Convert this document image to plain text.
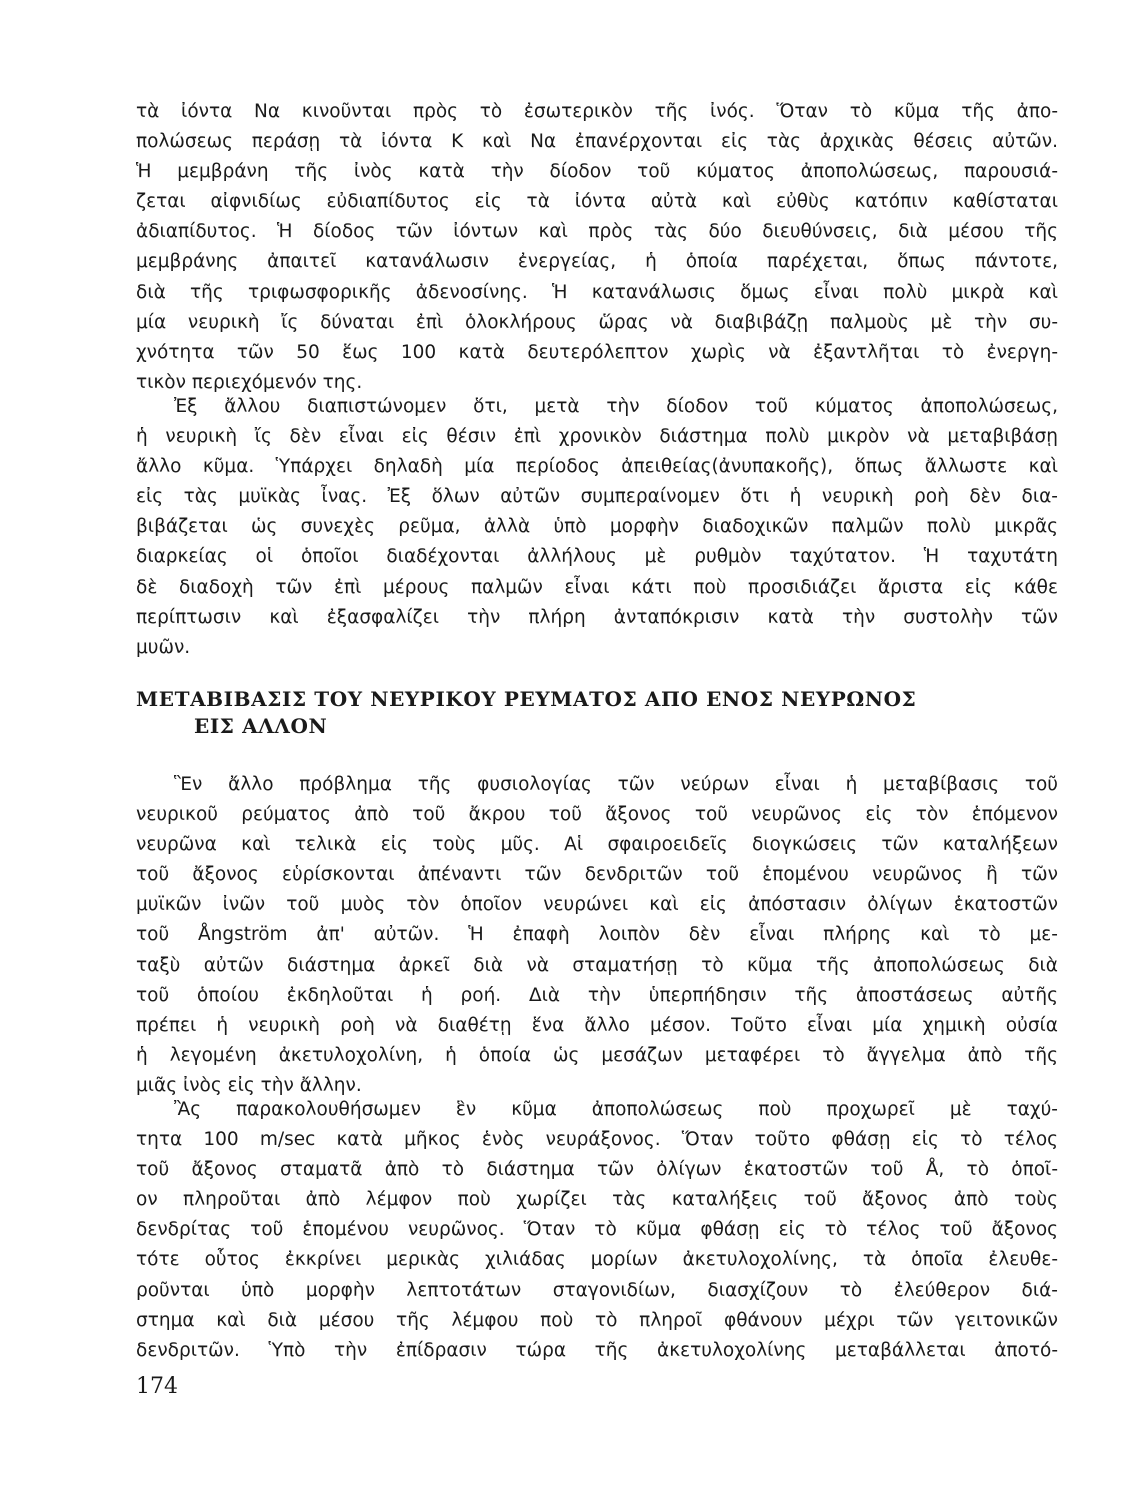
τὰ ἰόντα Να κινοῦνται πρὸς τὸ ἐσωτερικὸν τῆς ἰνός. Ὅταν τὸ κῦμα τῆς ἀπο-
πολώσεως περάσῃ τὰ ἰόντα Κ καὶ Να ἐπανέρχονται εἰς τὰς ἀρχικὰς θέσεις αὐτῶν.
Ἡ μεμβράνη τῆς ἰνὸς κατὰ τὴν δίοδον τοῦ κύματος ἀποπολώσεως, παρουσιά-
ζεται αἰφνιδίως εὐδιαπίδυτος εἰς τὰ ἰόντα αὐτὰ καὶ εὐθὺς κατόπιν καθίσταται
ἀδιαπίδυτος. Ἡ δίοδος τῶν ἰόντων καὶ πρὸς τὰς δύο διευθύνσεις, διὰ μέσου τῆς
μεμβράνης ἀπαιτεῖ κατανάλωσιν ἐνεργείας, ἡ ὁποία παρέχεται, ὅπως πάντοτε,
διὰ τῆς τριφωσφορικῆς ἀδενοσίνης. Ἡ κατανάλωσις ὅμως εἶναι πολὺ μικρὰ καὶ
μία νευρικὴ ἴς δύναται ἐπὶ ὁλοκλήρους ὥρας νὰ διαβιβάζῃ παλμοὺς μὲ τὴν συ-
χνότητα τῶν 50 ἕως 100 κατὰ δευτερόλεπτον χωρὶς νὰ ἐξαντλῆται τὸ ἐνεργη-
τικὸν περιεχόμενόν της.
Ἐξ ἄλλου διαπιστώνομεν ὅτι, μετὰ τὴν δίοδον τοῦ κύματος ἀποπολώσεως,
ἡ νευρικὴ ἴς δὲν εἶναι εἰς θέσιν ἐπὶ χρονικὸν διάστημα πολὺ μικρὸν νὰ μεταβιβάσῃ
ἄλλο κῦμα. Ὑπάρχει δηλαδὴ μία περίοδος ἀπειθείας(ἀνυπακοῆς), ὅπως ἄλλωστε καὶ
εἰς τὰς μυϊκὰς ἶνας. Ἐξ ὅλων αὐτῶν συμπεραίνομεν ὅτι ἡ νευρικὴ ροὴ δὲν δια-
βιβάζεται ὡς συνεχὲς ρεῦμα, ἀλλὰ ὑπὸ μορφὴν διαδοχικῶν παλμῶν πολὺ μικρᾶς
διαρκείας οἱ ὁποῖοι διαδέχονται ἀλλήλους μὲ ρυθμὸν ταχύτατον. Ἡ ταχυτάτη
δὲ διαδοχὴ τῶν ἐπὶ μέρους παλμῶν εἶναι κάτι ποὺ προσιδιάζει ἄριστα εἰς κάθε
περίπτωσιν καὶ ἐξασφαλίζει τὴν πλήρη ἀνταπόκρισιν κατὰ τὴν συστολὴν τῶν
μυῶν.
ΜΕΤΑΒΙΒΑΣΙΣ ΤΟΥ ΝΕΥΡΙΚΟΥ ΡΕΥΜΑΤΟΣ ΑΠΟ ΕΝΟΣ ΝΕΥΡΩΝΟΣ
ΕΙΣ ΑΛΛΟΝ
Ἓν ἄλλο πρόβλημα τῆς φυσιολογίας τῶν νεύρων εἶναι ἡ μεταβίβασις τοῦ
νευρικοῦ ρεύματος ἀπὸ τοῦ ἄκρου τοῦ ἄξονος τοῦ νευρῶνος εἰς τὸν ἑπόμενον
νευρῶνα καὶ τελικὰ εἰς τοὺς μῦς. Αἱ σφαιροειδεῖς διογκώσεις τῶν καταλήξεων
τοῦ ἄξονος εὑρίσκονται ἀπέναντι τῶν δενδριτῶν τοῦ ἑπομένου νευρῶνος ἢ τῶν
μυϊκῶν ἰνῶν τοῦ μυὸς τὸν ὁποῖον νευρώνει καὶ εἰς ἀπόστασιν ὀλίγων ἑκατοστῶν
τοῦ Ångström ἀπ' αὐτῶν. Ἡ ἐπαφὴ λοιπὸν δὲν εἶναι πλήρης καὶ τὸ με-
ταξὺ αὐτῶν διάστημα ἀρκεῖ διὰ νὰ σταματήσῃ τὸ κῦμα τῆς ἀποπολώσεως διὰ
τοῦ ὁποίου ἐκδηλοῦται ἡ ροή. Διὰ τὴν ὑπερπήδησιν τῆς ἀποστάσεως αὐτῆς
πρέπει ἡ νευρικὴ ροὴ νὰ διαθέτῃ ἕνα ἄλλο μέσον. Τοῦτο εἶναι μία χημικὴ οὐσία
ἡ λεγομένη ἀκετυλοχολίνη, ἡ ὁποία ὡς μεσάζων μεταφέρει τὸ ἄγγελμα ἀπὸ τῆς
μιᾶς ἰνὸς εἰς τὴν ἄλλην.
Ἂς παρακολουθήσωμεν ἓν κῦμα ἀποπολώσεως ποὺ προχωρεῖ μὲ ταχύ-
τητα 100 m/sec κατὰ μῆκος ἑνὸς νευράξονος. Ὅταν τοῦτο φθάσῃ εἰς τὸ τέλος
τοῦ ἄξονος σταματᾶ ἀπὸ τὸ διάστημα τῶν ὀλίγων ἑκατοστῶν τοῦ Å, τὸ ὁποῖ-
ον πληροῦται ἀπὸ λέμφον ποὺ χωρίζει τὰς καταλήξεις τοῦ ἄξονος ἀπὸ τοὺς
δενδρίτας τοῦ ἑπομένου νευρῶνος. Ὅταν τὸ κῦμα φθάσῃ εἰς τὸ τέλος τοῦ ἄξονος
τότε οὗτος ἐκκρίνει μερικὰς χιλιάδας μορίων ἀκετυλοχολίνης, τὰ ὁποῖα ἐλευθε-
ροῦνται ὑπὸ μορφὴν λεπτοτάτων σταγονιδίων, διασχίζουν τὸ ἐλεύθερον διά-
στημα καὶ διὰ μέσου τῆς λέμφου ποὺ τὸ πληροῖ φθάνουν μέχρι τῶν γειτονικῶν
δενδριτῶν. Ὑπὸ τὴν ἐπίδρασιν τώρα τῆς ἀκετυλοχολίνης μεταβάλλεται ἀποτό-
174
